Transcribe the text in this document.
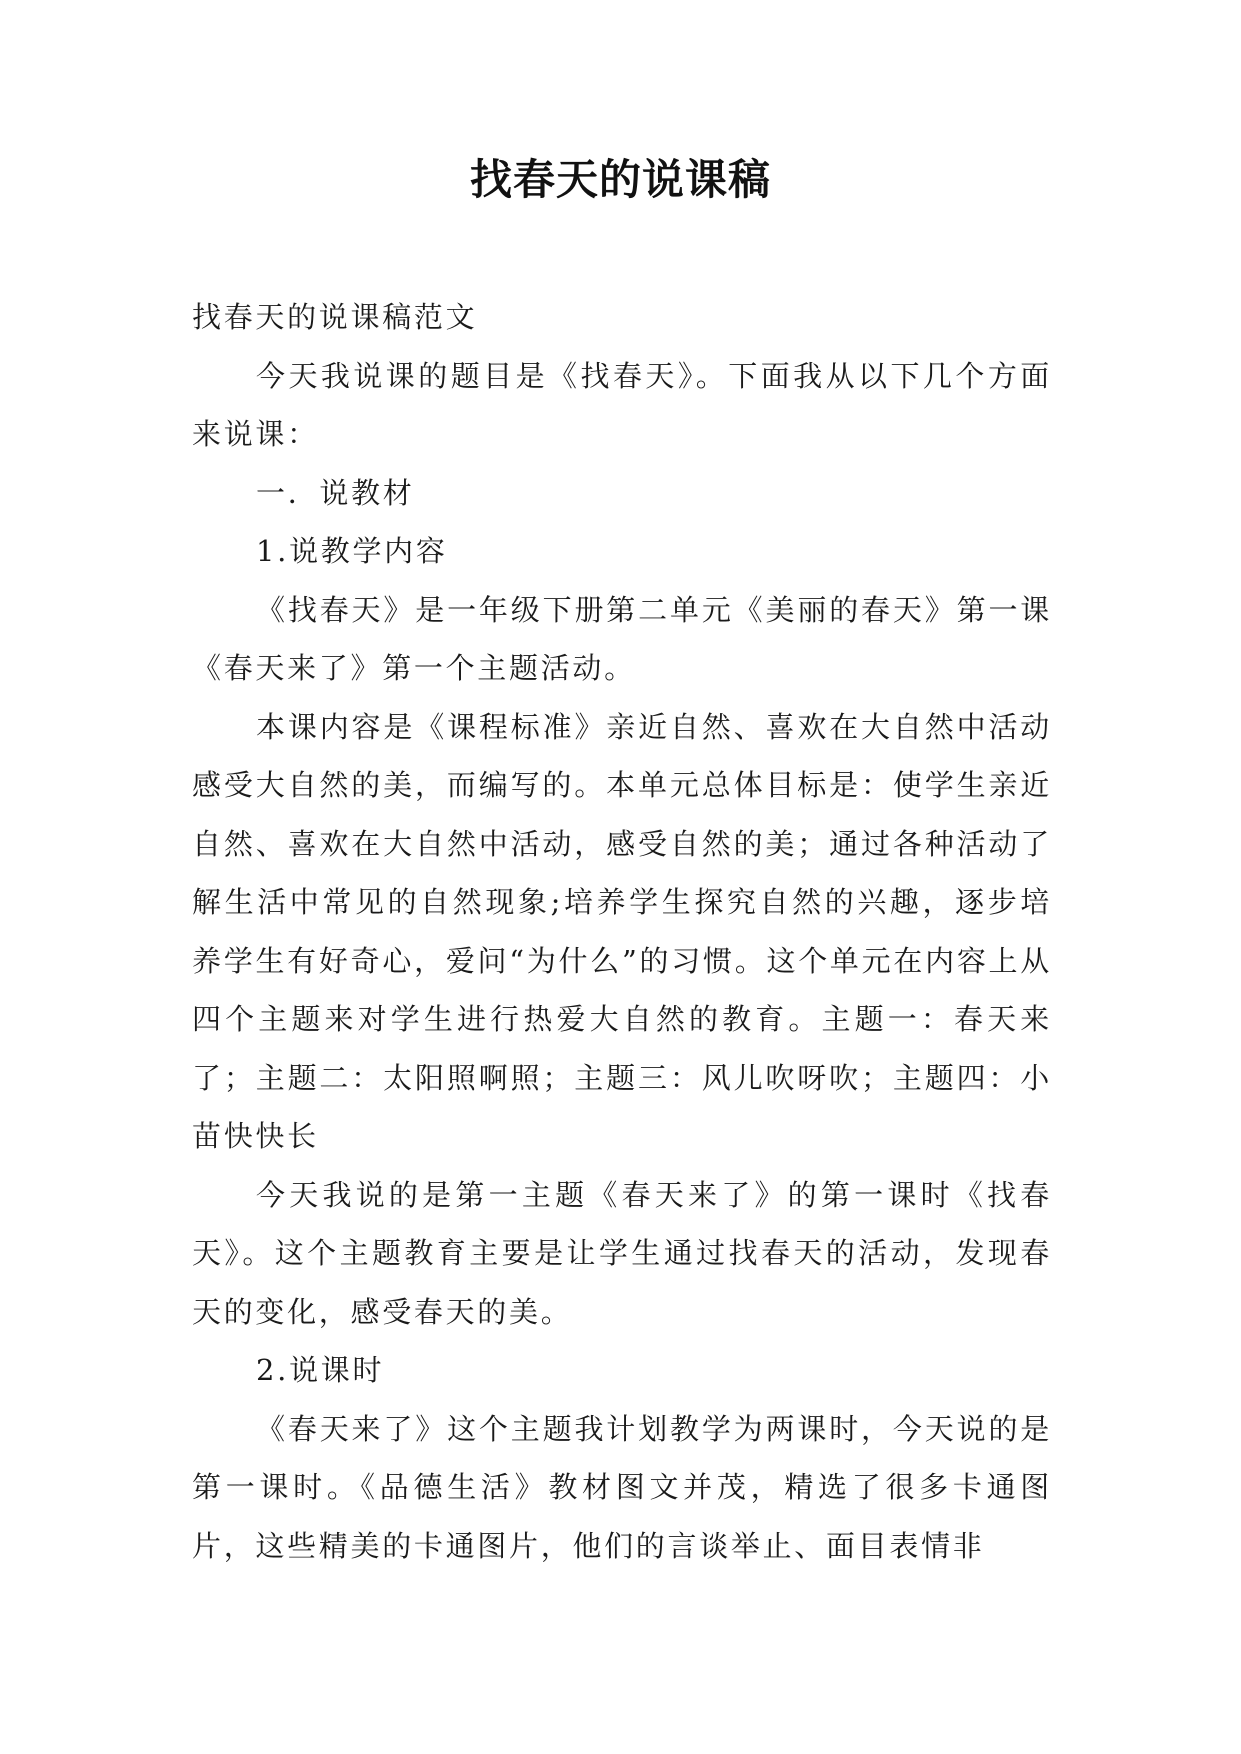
找春天的说课稿

找春天的说课稿范文

今天我说课的题目是《找春天》。下面我从以下几个方面来说课：

一．说教材

1.说教学内容

《找春天》是一年级下册第二单元《美丽的春天》第一课《春天来了》第一个主题活动。

本课内容是《课程标准》亲近自然、喜欢在大自然中活动感受大自然的美，而编写的。本单元总体目标是：使学生亲近自然、喜欢在大自然中活动，感受自然的美；通过各种活动了解生活中常见的自然现象;培养学生探究自然的兴趣，逐步培养学生有好奇心，爱问“为什么”的习惯。这个单元在内容上从四个主题来对学生进行热爱大自然的教育。主题一：春天来了；主题二：太阳照啊照；主题三：风儿吹呀吹；主题四：小苗快快长

今天我说的是第一主题《春天来了》的第一课时《找春天》。这个主题教育主要是让学生通过找春天的活动，发现春天的变化，感受春天的美。

2.说课时

《春天来了》这个主题我计划教学为两课时，今天说的是第一课时。《品德生活》教材图文并茂，精选了很多卡通图片，这些精美的卡通图片，他们的言谈举止、面目表情非
